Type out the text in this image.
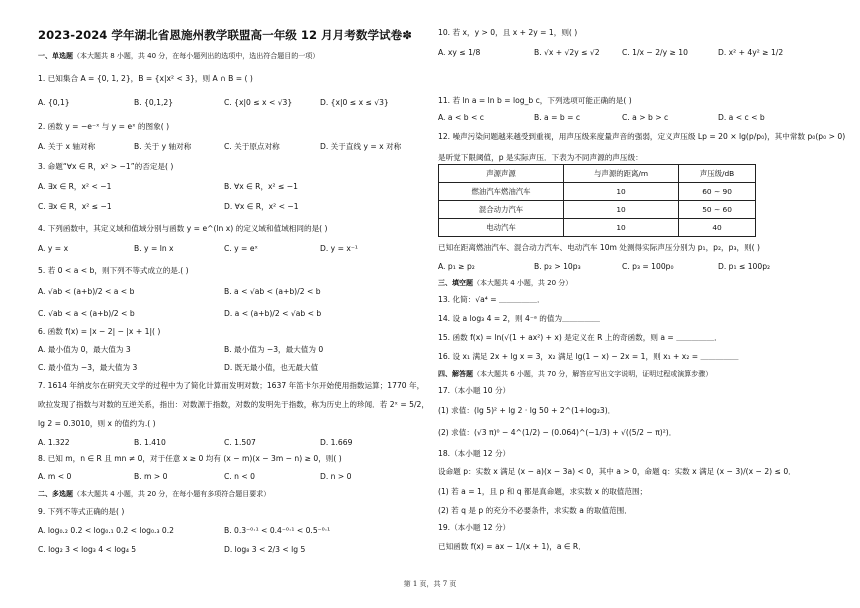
2023-2024 学年湖北省恩施州教学联盟高一年级 12 月月考数学试卷✽
一、单选题（本大题共 8 小题，共 40 分，在每小题列出的选项中，选出符合题目的一项）
1. 已知集合 A = {0, 1, 2}，B = {x|x² < 3}，则 A ∩ B = ( )
A. {0,1}	B. {0,1,2}	C. {x|0 ≤ x < √3}	D. {x|0 ≤ x ≤ √3}
2. 函数 y = −e⁻ˣ 与 y = eˣ 的图象( )
A. 关于 x 轴对称	B. 关于 y 轴对称	C. 关于原点对称	D. 关于直线 y = x 对称
3. 命题“∀x ∈ R，x² > −1”的否定是( )
A. ∃x ∈ R，x² < −1	B. ∀x ∈ R，x² ≤ −1
C. ∃x ∈ R，x² ≤ −1	D. ∀x ∈ R，x² < −1
4. 下列函数中，其定义域和值域分别与函数 y = e^(ln x) 的定义域和值域相同的是( )
A. y = x	B. y = ln x	C. y = eˣ	D. y = x⁻¹
5. 若 0 < a < b，则下列不等式成立的是.( )
A. √ab < (a+b)/2 < a < b	B. a < √ab < (a+b)/2 < b
C. √ab < a < (a+b)/2 < b	D. a < (a+b)/2 < √ab < b
6. 函数 f(x) = |x − 2| − |x + 1|( )
A. 最小值为 0，最大值为 3	B. 最小值为 −3，最大值为 0
C. 最小值为 −3，最大值为 3	D. 既无最小值，也无最大值
7. 1614 年纳皮尔在研究天文学的过程中为了简化计算而发明对数；1637 年笛卡尔开始使用指数运算；1770 年，
欧拉发现了指数与对数的互逆关系，指出：对数源于指数，对数的发明先于指数，称为历史上的珍闻．若 2ˣ = 5/2，
lg 2 = 0.3010，则 x 的值约为.( )
A. 1.322	B. 1.410	C. 1.507	D. 1.669
8. 已知 m，n ∈ R 且 mn ≠ 0，对于任意 x ≥ 0 均有 (x − m)(x − 3m − n) ≥ 0，则( )
A. m < 0	B. m > 0	C. n < 0	D. n > 0
二、多选题（本大题共 4 小题，共 20 分，在每小题有多项符合题目要求）
9. 下列不等式正确的是( )
A. log₀.₂ 0.2 < log₀.₁ 0.2 < log₀.₃ 0.2	B. 0.3⁻⁰·¹ < 0.4⁻⁰·¹ < 0.5⁻⁰·¹
C. log₂ 3 < log₃ 4 < log₄ 5	D. log₈ 3 < 2/3 < lg 5
10. 若 x，y > 0，且 x + 2y = 1，则( )
A. xy ≤ 1/8	B. √x + √2y ≤ √2	C. 1/x − 2/y ≥ 10	D. x² + 4y² ≥ 1/2
11. 若 ln a = ln b = log_b c，下列选项可能正确的是( )
A. a < b < c	B. a = b = c	C. a > b > c	D. a < c < b
12. 噪声污染问题越来越受到重视，用声压级来度量声音的强弱，定义声压级 Lp = 20 × lg(p/p₀)，其中常数 p₀(p₀ > 0)
是听觉下限阈值，p 是实际声压．下表为不同声源的声压级：
声源声源	与声源的距离/m	声压级/dB
燃油汽车燃油汽车	10	60 ∼ 90
混合动力汽车	10	50 ∼ 60
电动汽车	10	40
已知在距离燃油汽车、混合动力汽车、电动汽车 10m 处测得实际声压分别为 p₁，p₂，p₃，则( )
A. p₁ ≥ p₂	B. p₂ > 10p₃	C. p₃ = 100p₀	D. p₁ ≤ 100p₂
三、填空题（本大题共 4 小题，共 20 分）
13. 化简：√a⁴ = ＿＿＿＿＿．
14. 设 a log₃ 4 = 2，则 4⁻ᵃ 的值为＿＿＿＿＿
15. 函数 f(x) = ln(√(1 + ax²) + x) 是定义在 R 上的奇函数，则 a = ＿＿＿＿＿．
16. 设 x₁ 满足 2x + lg x = 3，x₂ 满足 lg(1 − x) − 2x = 1，则 x₁ + x₂ = ＿＿＿＿＿
四、解答题（本大题共 6 小题，共 70 分，解答应写出文字说明，证明过程或演算步骤）
17.（本小题 10 分）
(1) 求值：(lg 5)² + lg 2 · lg 50 + 2^(1+log₂3)．
(2) 求值：(√3 π)⁰ − 4^(1/2) − (0.064)^(−1/3) + √((5/2 − π)²)．
18.（本小题 12 分）
设命题 p：实数 x 满足 (x − a)(x − 3a) < 0，其中 a > 0，命题 q：实数 x 满足 (x − 3)/(x − 2) ≤ 0．
(1) 若 a = 1，且 p 和 q 都是真命题，求实数 x 的取值范围；
(2) 若 q 是 p 的充分不必要条件，求实数 a 的取值范围．
19.（本小题 12 分）
已知函数 f(x) = ax − 1/(x + 1)，a ∈ R．
第 1 页，共 7 页
